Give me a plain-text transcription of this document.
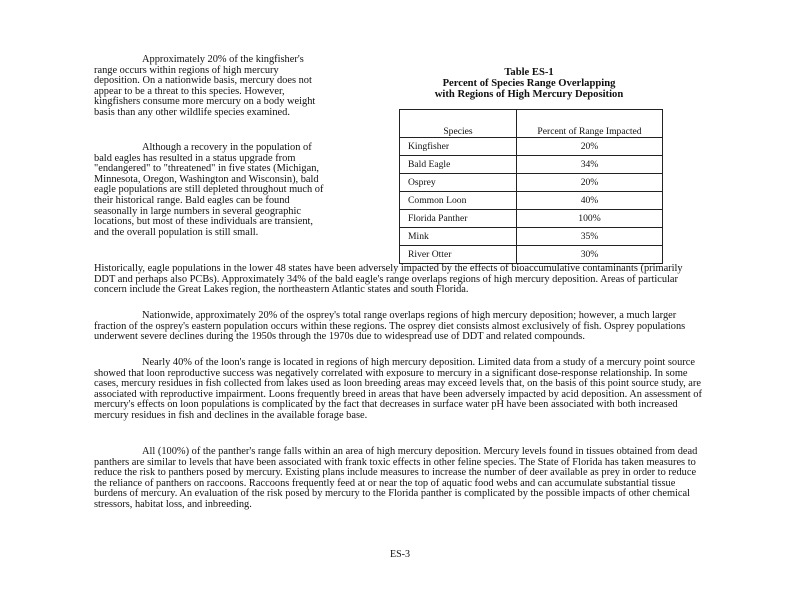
Approximately 20% of the kingfisher's range occurs within regions of high mercury deposition. On a nationwide basis, mercury does not appear to be a threat to this species. However, kingfishers consume more mercury on a body weight basis than any other wildlife species examined.

Although a recovery in the population of bald eagles has resulted in a status upgrade from "endangered" to "threatened" in five states (Michigan, Minnesota, Oregon, Washington and Wisconsin), bald eagle populations are still depleted throughout much of their historical range. Bald eagles can be found seasonally in large numbers in several geographic locations, but most of these individuals are transient, and the overall population is still small.

Historically, eagle populations in the lower 48 states have been adversely impacted by the effects of bioaccumulative contaminants (primarily DDT and perhaps also PCBs). Approximately 34% of the bald eagle's range overlaps regions of high mercury deposition. Areas of particular concern include the Great Lakes region, the northeastern Atlantic states and south Florida.

Nationwide, approximately 20% of the osprey's total range overlaps regions of high mercury deposition; however, a much larger fraction of the osprey's eastern population occurs within these regions. The osprey diet consists almost exclusively of fish. Osprey populations underwent severe declines during the 1950s through the 1970s due to widespread use of DDT and related compounds.

Nearly 40% of the loon's range is located in regions of high mercury deposition. Limited data from a study of a mercury point source showed that loon reproductive success was negatively correlated with exposure to mercury in a significant dose-response relationship. In some cases, mercury residues in fish collected from lakes used as loon breeding areas may exceed levels that, on the basis of this point source study, are associated with reproductive impairment. Loons frequently breed in areas that have been adversely impacted by acid deposition. An assessment of mercury's effects on loon populations is complicated by the fact that decreases in surface water pH have been associated with both increased mercury residues in fish and declines in the available forage base.

All (100%) of the panther's range falls within an area of high mercury deposition. Mercury levels found in tissues obtained from dead panthers are similar to levels that have been associated with frank toxic effects in other feline species. The State of Florida has taken measures to reduce the risk to panthers posed by mercury. Existing plans include measures to increase the number of deer available as prey in order to reduce the reliance of panthers on raccoons. Raccoons frequently feed at or near the top of aquatic food webs and can accumulate substantial tissue burdens of mercury. An evaluation of the risk posed by mercury to the Florida panther is complicated by the possible impacts of other chemical stressors, habitat loss, and inbreeding.

Table ES-1
Percent of Species Range Overlapping
with Regions of High Mercury Deposition
Species	Percent of Range Impacted
Kingfisher	20%
Bald Eagle	34%
Osprey	20%
Common Loon	40%
Florida Panther	100%
Mink	35%
River Otter	30%
ES-3
